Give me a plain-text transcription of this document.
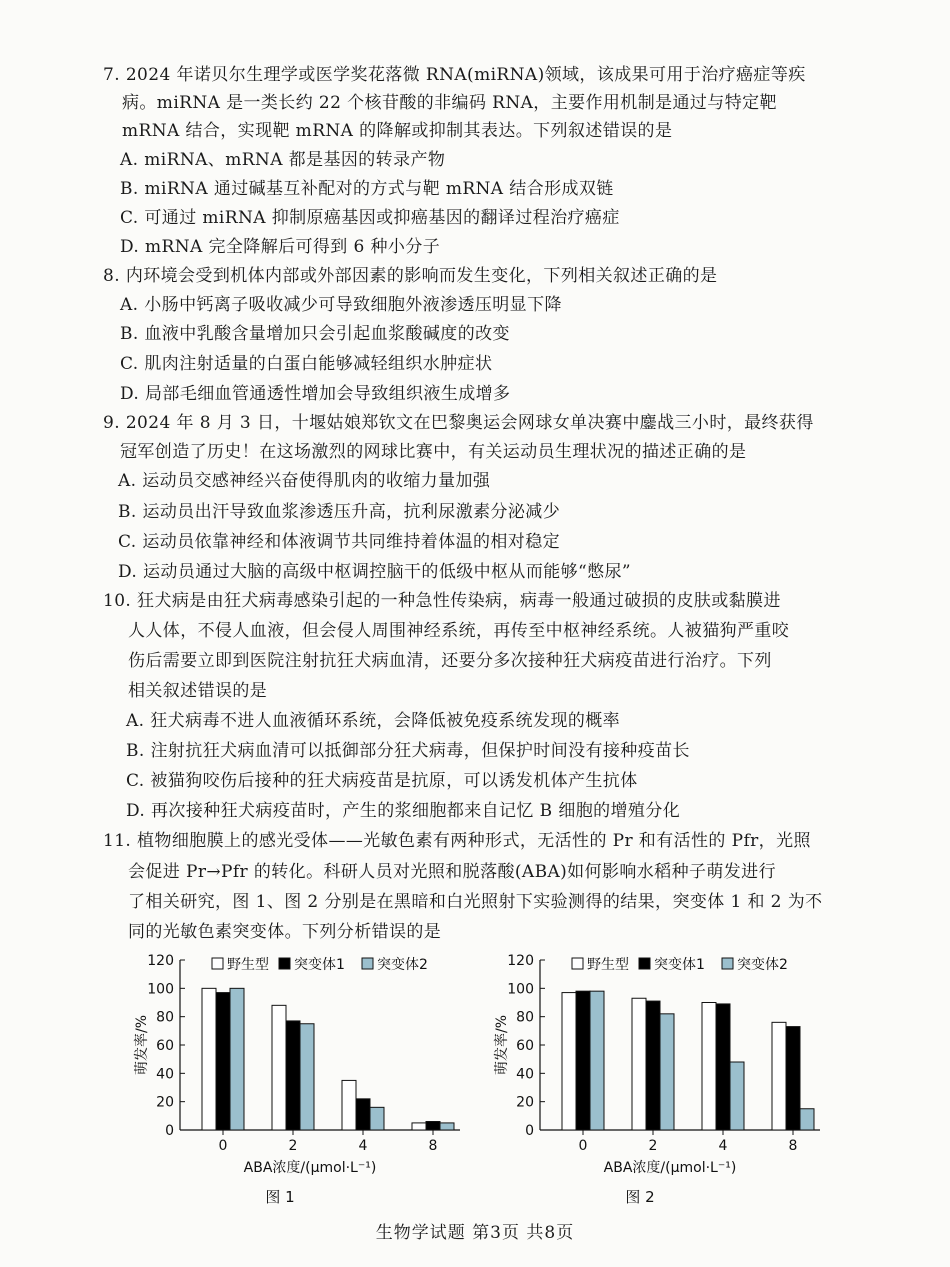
7. 2024 年诺贝尔生理学或医学奖花落微 RNA(miRNA)领域，该成果可用于治疗癌症等疾
病。miRNA 是一类长约 22 个核苷酸的非编码 RNA，主要作用机制是通过与特定靶
mRNA 结合，实现靶 mRNA 的降解或抑制其表达。下列叙述错误的是
A. miRNA、mRNA 都是基因的转录产物
B. miRNA 通过碱基互补配对的方式与靶 mRNA 结合形成双链
C. 可通过 miRNA 抑制原癌基因或抑癌基因的翻译过程治疗癌症
D. mRNA 完全降解后可得到 6 种小分子
8. 内环境会受到机体内部或外部因素的影响而发生变化，下列相关叙述正确的是
A. 小肠中钙离子吸收减少可导致细胞外液渗透压明显下降
B. 血液中乳酸含量增加只会引起血浆酸碱度的改变
C. 肌肉注射适量的白蛋白能够减轻组织水肿症状
D. 局部毛细血管通透性增加会导致组织液生成增多
9. 2024 年 8 月 3 日，十堰姑娘郑钦文在巴黎奥运会网球女单决赛中鏖战三小时，最终获得
冠军创造了历史！在这场激烈的网球比赛中，有关运动员生理状况的描述正确的是
A. 运动员交感神经兴奋使得肌肉的收缩力量加强
B. 运动员出汗导致血浆渗透压升高，抗利尿激素分泌减少
C. 运动员依靠神经和体液调节共同维持着体温的相对稳定
D. 运动员通过大脑的高级中枢调控脑干的低级中枢从而能够“憋尿”
10. 狂犬病是由狂犬病毒感染引起的一种急性传染病，病毒一般通过破损的皮肤或黏膜进
人人体，不侵人血液，但会侵人周围神经系统，再传至中枢神经系统。人被猫狗严重咬
伤后需要立即到医院注射抗狂犬病血清，还要分多次接种狂犬病疫苗进行治疗。下列
相关叙述错误的是
A. 狂犬病毒不进人血液循环系统，会降低被免疫系统发现的概率
B. 注射抗狂犬病血清可以抵御部分狂犬病毒，但保护时间没有接种疫苗长
C. 被猫狗咬伤后接种的狂犬病疫苗是抗原，可以诱发机体产生抗体
D. 再次接种狂犬病疫苗时，产生的浆细胞都来自记忆 B 细胞的增殖分化
11. 植物细胞膜上的感光受体——光敏色素有两种形式，无活性的 Pr 和有活性的 Pfr，光照
会促进 Pr→Pfr 的转化。科研人员对光照和脱落酸(ABA)如何影响水稻种子萌发进行
了相关研究，图 1、图 2 分别是在黑暗和白光照射下实验测得的结果，突变体 1 和 2 为不
同的光敏色素突变体。下列分析错误的是
0
20
40
60
80
100
120
萌发率/%
0	2	4	8
ABA浓度/(μmol·L⁻¹)
图 1
野生型 突变体1 突变体2
0
20
40
60
80
100
120
萌发率/%
0	2	4	8
ABA浓度/(μmol·L⁻¹)
图 2
野生型 突变体1 突变体2
生物学试题 第3页 共8页
